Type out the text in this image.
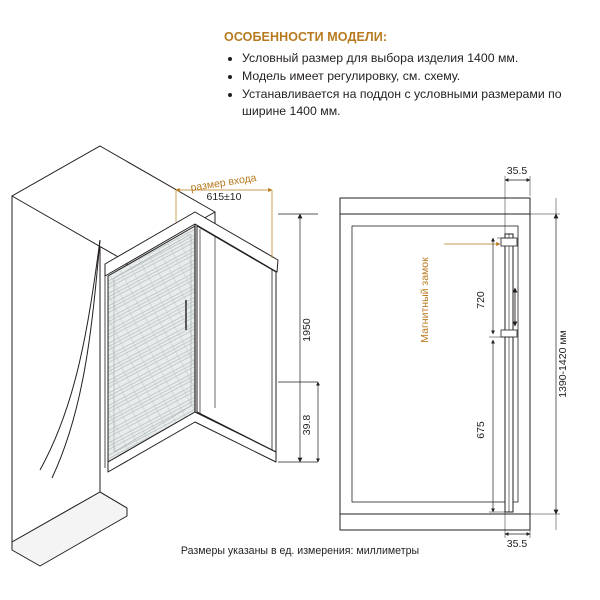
ОСОБЕННОСТИ МОДЕЛИ:
• Условный размер для выбора изделия 1400 мм.
• Модель имеет регулировку, см. схему.
• Устанавливается на поддон с условными размерами по ширине 1400 мм.
Размеры указаны в ед. измерения: миллиметры
размер входа
615±10
1950
39.8
35.5
35.5
Магнитный замок	720
675
1390-1420 мм
